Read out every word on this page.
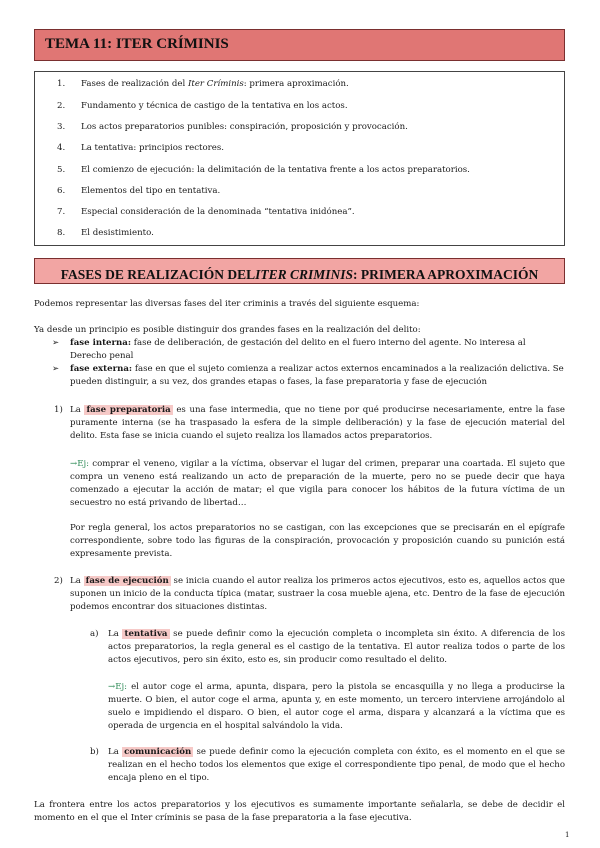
TEMA 11: ITER CRÍMINIS
1. Fases de realización del Iter Críminis: primera aproximación.
2. Fundamento y técnica de castigo de la tentativa en los actos.
3. Los actos preparatorios punibles: conspiración, proposición y provocación.
4. La tentativa: principios rectores.
5. El comienzo de ejecución: la delimitación de la tentativa frente a los actos preparatorios.
6. Elementos del tipo en tentativa.
7. Especial consideración de la denominada “tentativa inidónea”.
8. El desistimiento.
FASES DE REALIZACIÓN DELITER CRIMINIS: PRIMERA APROXIMACIÓN
Podemos representar las diversas fases del iter criminis a través del siguiente esquema:
Ya desde un principio es posible distinguir dos grandes fases en la realización del delito:
➢ fase interna: fase de deliberación, de gestación del delito en el fuero interno del agente. No interesa al Derecho penal
➢ fase externa: fase en que el sujeto comienza a realizar actos externos encaminados a la realización delictiva. Se pueden distinguir, a su vez, dos grandes etapas o fases, la fase preparatoria y fase de ejecución
1) La fase preparatoria es una fase intermedia, que no tiene por qué producirse necesariamente, entre la fase puramente interna (se ha traspasado la esfera de la simple deliberación) y la fase de ejecución material del delito. Esta fase se inicia cuando el sujeto realiza los llamados actos preparatorios.
→Ej: comprar el veneno, vigilar a la víctima, observar el lugar del crimen, preparar una coartada. El sujeto que compra un veneno está realizando un acto de preparación de la muerte, pero no se puede decir que haya comenzado a ejecutar la acción de matar; el que vigila para conocer los hábitos de la futura víctima de un secuestro no está privando de libertad…
Por regla general, los actos preparatorios no se castigan, con las excepciones que se precisarán en el epígrafe correspondiente, sobre todo las figuras de la conspiración, provocación y proposición cuando su punición está expresamente prevista.
2) La fase de ejecución se inicia cuando el autor realiza los primeros actos ejecutivos, esto es, aquellos actos que suponen un inicio de la conducta típica (matar, sustraer la cosa mueble ajena, etc. Dentro de la fase de ejecución podemos encontrar dos situaciones distintas.
a) La tentativa se puede definir como la ejecución completa o incompleta sin éxito. A diferencia de los actos preparatorios, la regla general es el castigo de la tentativa. El autor realiza todos o parte de los actos ejecutivos, pero sin éxito, esto es, sin producir como resultado el delito.
→Ej: el autor coge el arma, apunta, dispara, pero la pistola se encasquilla y no llega a producirse la muerte. O bien, el autor coge el arma, apunta y, en este momento, un tercero interviene arrojándolo al suelo e impidiendo el disparo. O bien, el autor coge el arma, dispara y alcanzará a la víctima que es operada de urgencia en el hospital salvándolo la vida.
b) La comunicación se puede definir como la ejecución completa con éxito, es el momento en el que se realizan en el hecho todos los elementos que exige el correspondiente tipo penal, de modo que el hecho encaja pleno en el tipo.
La frontera entre los actos preparatorios y los ejecutivos es sumamente importante señalarla, se debe de decidir el momento en el que el Inter críminis se pasa de la fase preparatoria a la fase ejecutiva.
1
